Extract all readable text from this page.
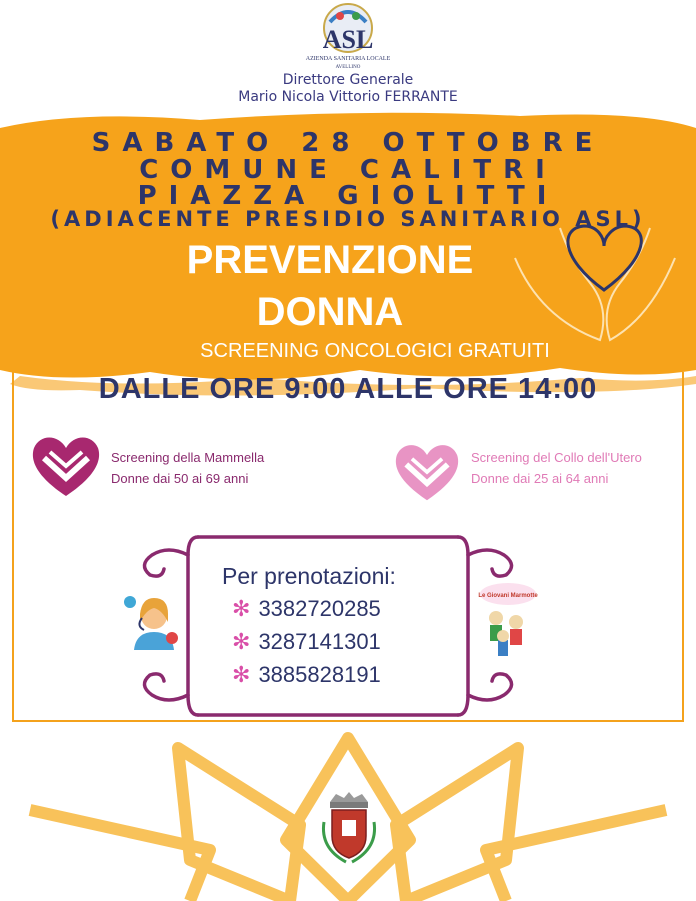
ASL
AZIENDA SANITARIA LOCALE
AVELLINO
Direttore Generale
Mario Nicola Vittorio FERRANTE
SABATO 28 OTTOBRE
COMUNE CALITRI
PIAZZA GIOLITTI
(ADIACENTE PRESIDIO SANITARIO ASL)
PREVENZIONE
DONNA
SCREENING ONCOLOGICI GRATUITI
DALLE ORE 9:00 ALLE ORE 14:00
Screening della Mammella
Donne dai 50 ai 69 anni
Screening del Collo dell'Utero
Donne dai 25 ai 64 anni
Per prenotazioni:
✻ 3382720285
✻ 3287141301
✻ 3885828191
Le Giovani Marmotte
